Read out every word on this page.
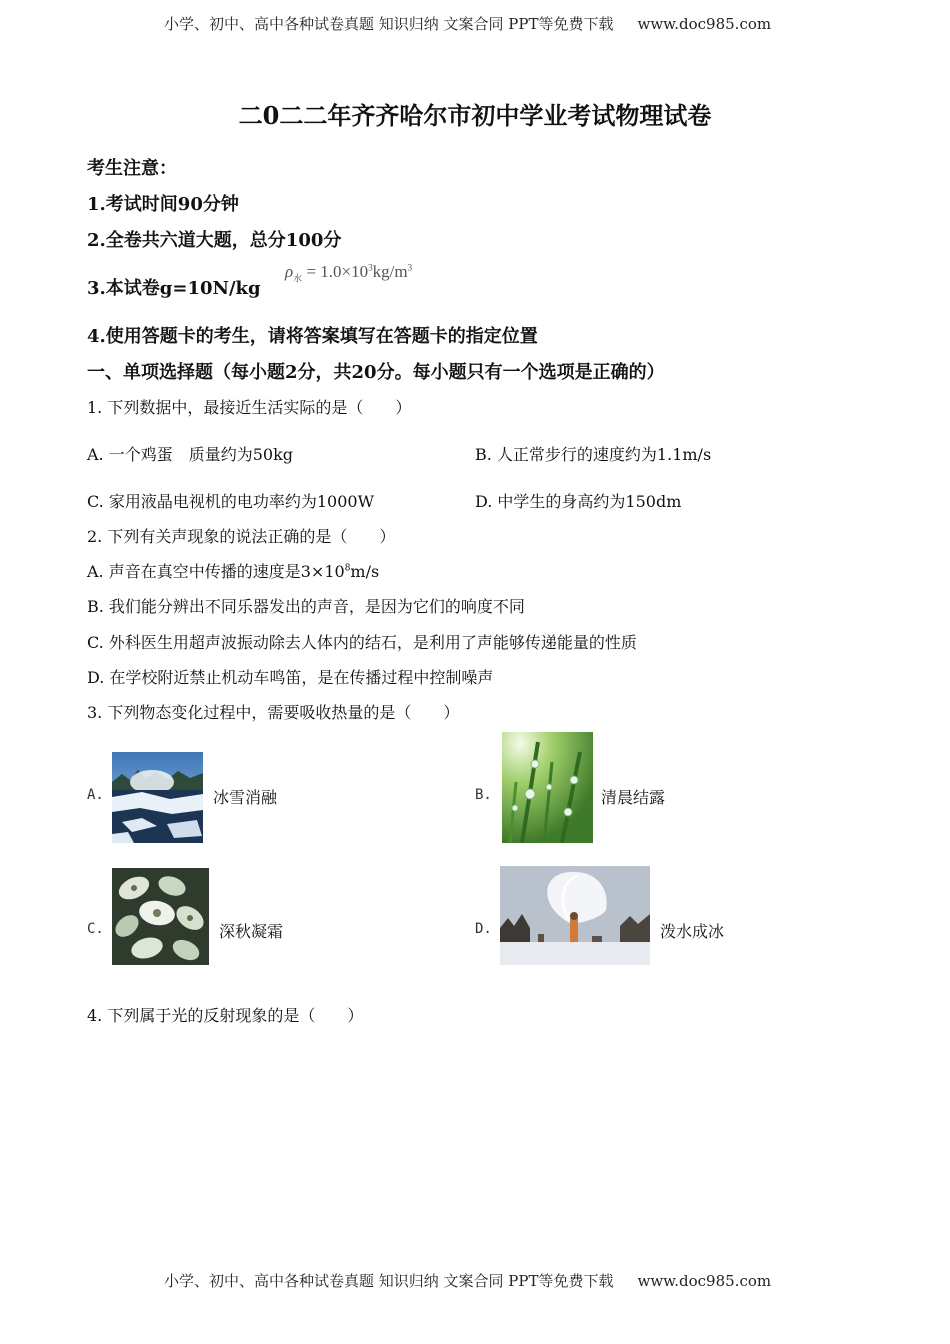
小学、初中、高中各种试卷真题 知识归纳 文案合同 PPT等免费下载 www.doc985.com
二0二二年齐齐哈尔市初中学业考试物理试卷
考生注意：
1.考试时间90分钟
2.全卷共六道大题，总分100分
3.本试卷g=10N/kg
$\rho_水 = 1.0\times 10^3kg/m^3$
4.使用答题卡的考生，请将答案填写在答题卡的指定位置
一、单项选择题（每小题2分，共20分。每小题只有一个选项是正确的）
1. 下列数据中，最接近生活实际的是（　　）
A. 一个鸡蛋　质量约为50kg	B. 人正常步行的速度约为1.1m/s
C. 家用液晶电视机的电功率约为1000W	D. 中学生的身高约为150dm
2. 下列有关声现象的说法正确的是（　　）
A. 声音在真空中传播的速度是$3\times 10^8m/s$
B. 我们能分辨出不同乐器发出的声音，是因为它们的响度不同
C. 外科医生用超声波振动除去人体内的结石，是利用了声能够传递能量的性质
D. 在学校附近禁止机动车鸣笛，是在传播过程中控制噪声
3. 下列物态变化过程中，需要吸收热量的是（　　）
A.	冰雪消融	B.	清晨结露
C.	深秋凝霜	D.	泼水成冰
4. 下列属于光的反射现象的是（　　）
小学、初中、高中各种试卷真题 知识归纳 文案合同 PPT等免费下载 www.doc985.com
